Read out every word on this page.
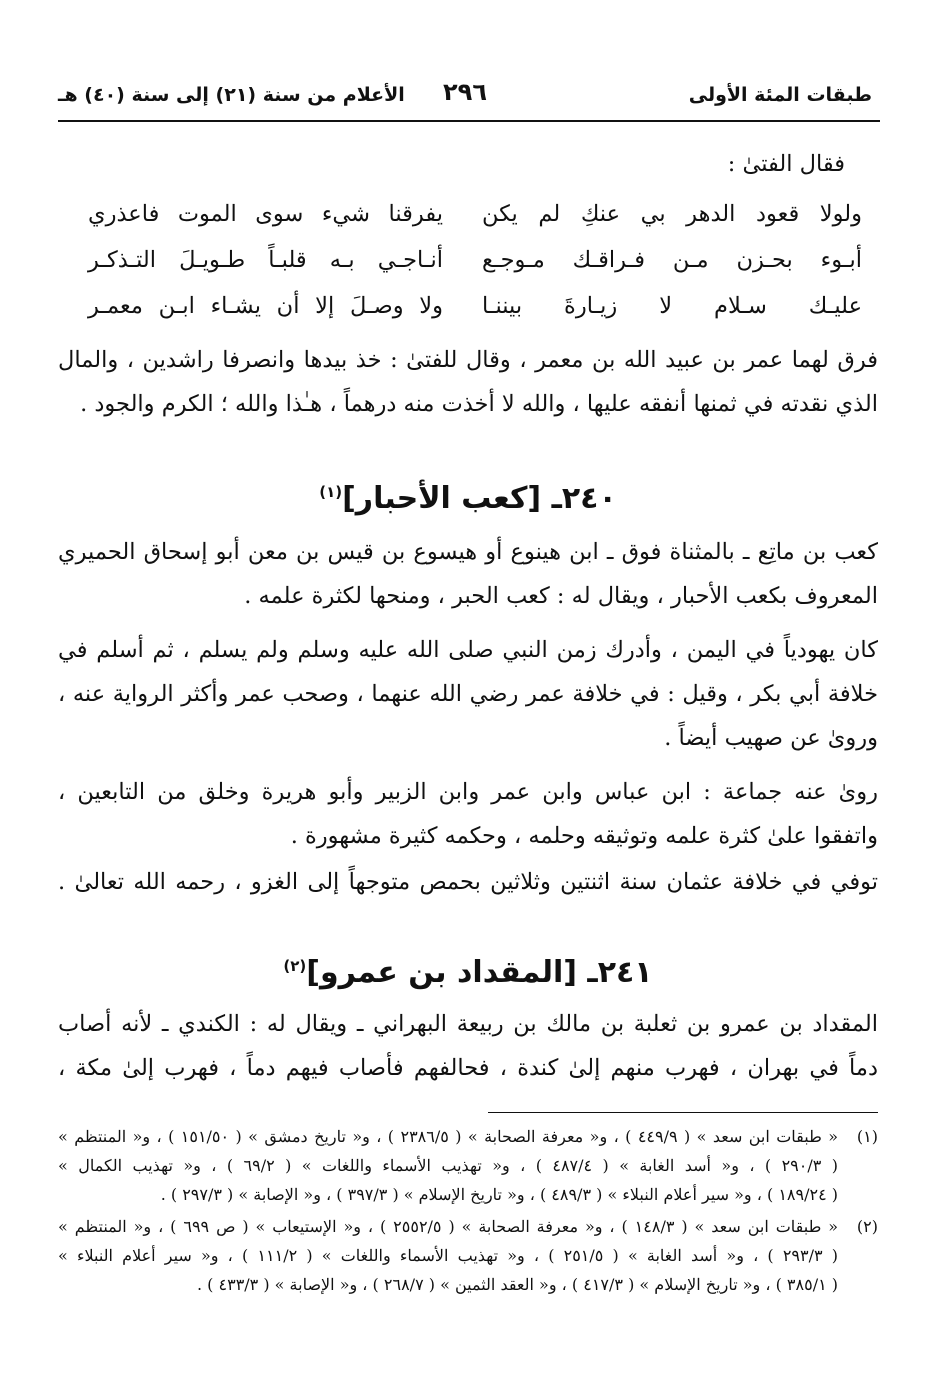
طبقات المئة الأولى
٢٩٦
الأعلام من سنة (٢١) إلى سنة (٤٠) هـ
فقال الفتىٰ :
ولولا قعود الدهر بي عنكِ لم يكن
يفرقنا شيء سوى الموت فاعذري
أبـوء بحـزن مـن فـراقـك مـوجـع
أنـاجـي بـه قلبـاً طـويـلَ التـذكـر
عليـك سـلام لا زيـارةَ بيننـا
ولا وصـلَ إلا أن يشـاء ابـن معمـر
فرق لهما عمر بن عبيد الله بن معمر ، وقال للفتىٰ : خذ بيدها وانصرفا راشدين ، والمال
الذي نقدته في ثمنها أنفقه عليها ، والله لا أخذت منه درهماً ، هـٰذا والله ؛ الكرم والجود .
٢٤٠ـ [كعب الأحبار]$^{(١)}$
كعب بن ماتِع ـ بالمثناة فوق ـ ابن هينوع أو هيسوع بن قيس بن معن أبو إسحاق الحميري
المعروف بكعب الأحبار ، ويقال له : كعب الحبر ، ومنحها لكثرة علمه .
كان يهودياً في اليمن ، وأدرك زمن النبي صلى الله عليه وسلم ولم يسلم ، ثم أسلم في
خلافة أبي بكر ، وقيل : في خلافة عمر رضي الله عنهما ، وصحب عمر وأكثر الرواية عنه ،
وروىٰ عن صهيب أيضاً .
روىٰ عنه جماعة : ابن عباس وابن عمر وابن الزبير وأبو هريرة وخلق من التابعين ،
واتفقوا علىٰ كثرة علمه وتوثيقه وحلمه ، وحكمه كثيرة مشهورة .
توفي في خلافة عثمان سنة اثنتين وثلاثين بحمص متوجهاً إلى الغزو ، رحمه الله تعالىٰ .
٢٤١ـ [المقداد بن عمرو]$^{(٢)}$
المقداد بن عمرو بن ثعلبة بن مالك بن ربيعة البهراني ـ ويقال له : الكندي ـ لأنه أصاب
دماً في بهران ، فهرب منهم إلىٰ كندة ، فحالفهم فأصاب فيهم دماً ، فهرب إلىٰ مكة ،
(١)
« طبقات ابن سعد » ( ٤٤٩/٩ ) ، و« معرفة الصحابة » ( ٢٣٨٦/٥ ) ، و« تاريخ دمشق » ( ١٥١/٥٠ ) ، و« المنتظم »
( ٢٩٠/٣ ) ، و« أسد الغابة » ( ٤٨٧/٤ ) ، و« تهذيب الأسماء واللغات » ( ٦٩/٢ ) ، و« تهذيب الكمال »
( ١٨٩/٢٤ ) ، و« سير أعلام النبلاء » ( ٤٨٩/٣ ) ، و« تاريخ الإسلام » ( ٣٩٧/٣ ) ، و« الإصابة » ( ٢٩٧/٣ ) .
(٢)
« طبقات ابن سعد » ( ١٤٨/٣ ) ، و« معرفة الصحابة » ( ٢٥٥٢/٥ ) ، و« الإستيعاب » ( ص ٦٩٩ ) ، و« المنتظم »
( ٢٩٣/٣ ) ، و« أسد الغابة » ( ٢٥١/٥ ) ، و« تهذيب الأسماء واللغات » ( ١١١/٢ ) ، و« سير أعلام النبلاء »
( ٣٨٥/١ ) ، و« تاريخ الإسلام » ( ٤١٧/٣ ) ، و« العقد الثمين » ( ٢٦٨/٧ ) ، و« الإصابة » ( ٤٣٣/٣ ) .
